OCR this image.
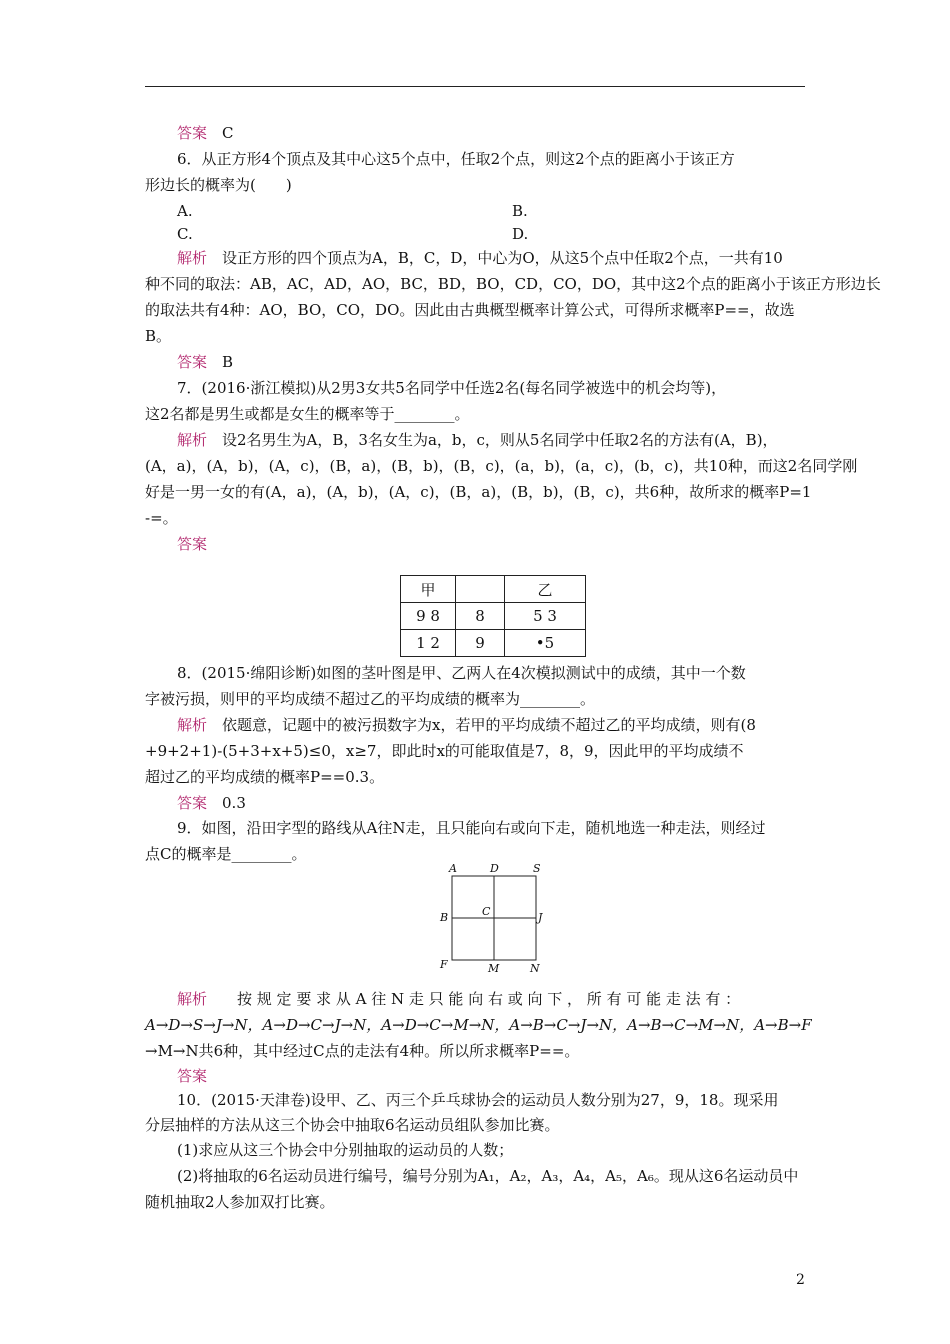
答案　C
6．从正方形4个顶点及其中心这5个点中，任取2个点，则这2个点的距离小于该正方
形边长的概率为(　　)
A.	B.
C.	D.
解析　设正方形的四个顶点为A，B，C，D，中心为O，从这5个点中任取2个点，一共有10
种不同的取法：AB，AC，AD，AO，BC，BD，BO，CD，CO，DO，其中这2个点的距离小于该正方形边长
的取法共有4种：AO，BO，CO，DO。因此由古典概型概率计算公式，可得所求概率P==，故选
B。
答案　B
7．(2016·浙江模拟)从2男3女共5名同学中任选2名(每名同学被选中的机会均等)，
这2名都是男生或都是女生的概率等于________。
解析　设2名男生为A，B，3名女生为a，b，c，则从5名同学中任取2名的方法有(A，B)，
(A，a)，(A，b)，(A，c)，(B，a)，(B，b)，(B，c)，(a，b)，(a，c)，(b，c)，共10种，而这2名同学刚
好是一男一女的有(A，a)，(A，b)，(A，c)，(B，a)，(B，b)，(B，c)，共6种，故所求的概率P=1
-=。
答案
甲		乙
9 8	8	5 3
1 2	9	•5
8．(2015·绵阳诊断)如图的茎叶图是甲、乙两人在4次模拟测试中的成绩，其中一个数
字被污损，则甲的平均成绩不超过乙的平均成绩的概率为________。
解析　依题意，记题中的被污损数字为x，若甲的平均成绩不超过乙的平均成绩，则有(8
+9+2+1)-(5+3+x+5)≤0，x≥7，即此时x的可能取值是7，8，9，因此甲的平均成绩不
超过乙的平均成绩的概率P==0.3。
答案　0.3
9．如图，沿田字型的路线从A往N走，且只能向右或向下走，随机地选一种走法，则经过
点C的概率是________。
A	D	S
B	C	J
F	M	N
解析　　按 规 定 要 求 从 A 往 N 走 只 能 向 右 或 向 下 ， 所 有 可 能 走 法 有 ：
A→D→S→J→N，A→D→C→J→N，A→D→C→M→N，A→B→C→J→N，A→B→C→M→N，A→B→F
→M→N共6种，其中经过C点的走法有4种。所以所求概率P==。
答案
10．(2015·天津卷)设甲、乙、丙三个乒乓球协会的运动员人数分别为27，9，18。现采用
分层抽样的方法从这三个协会中抽取6名运动员组队参加比赛。
(1)求应从这三个协会中分别抽取的运动员的人数；
(2)将抽取的6名运动员进行编号，编号分别为A₁，A₂，A₃，A₄，A₅，A₆。现从这6名运动员中
随机抽取2人参加双打比赛。
2
